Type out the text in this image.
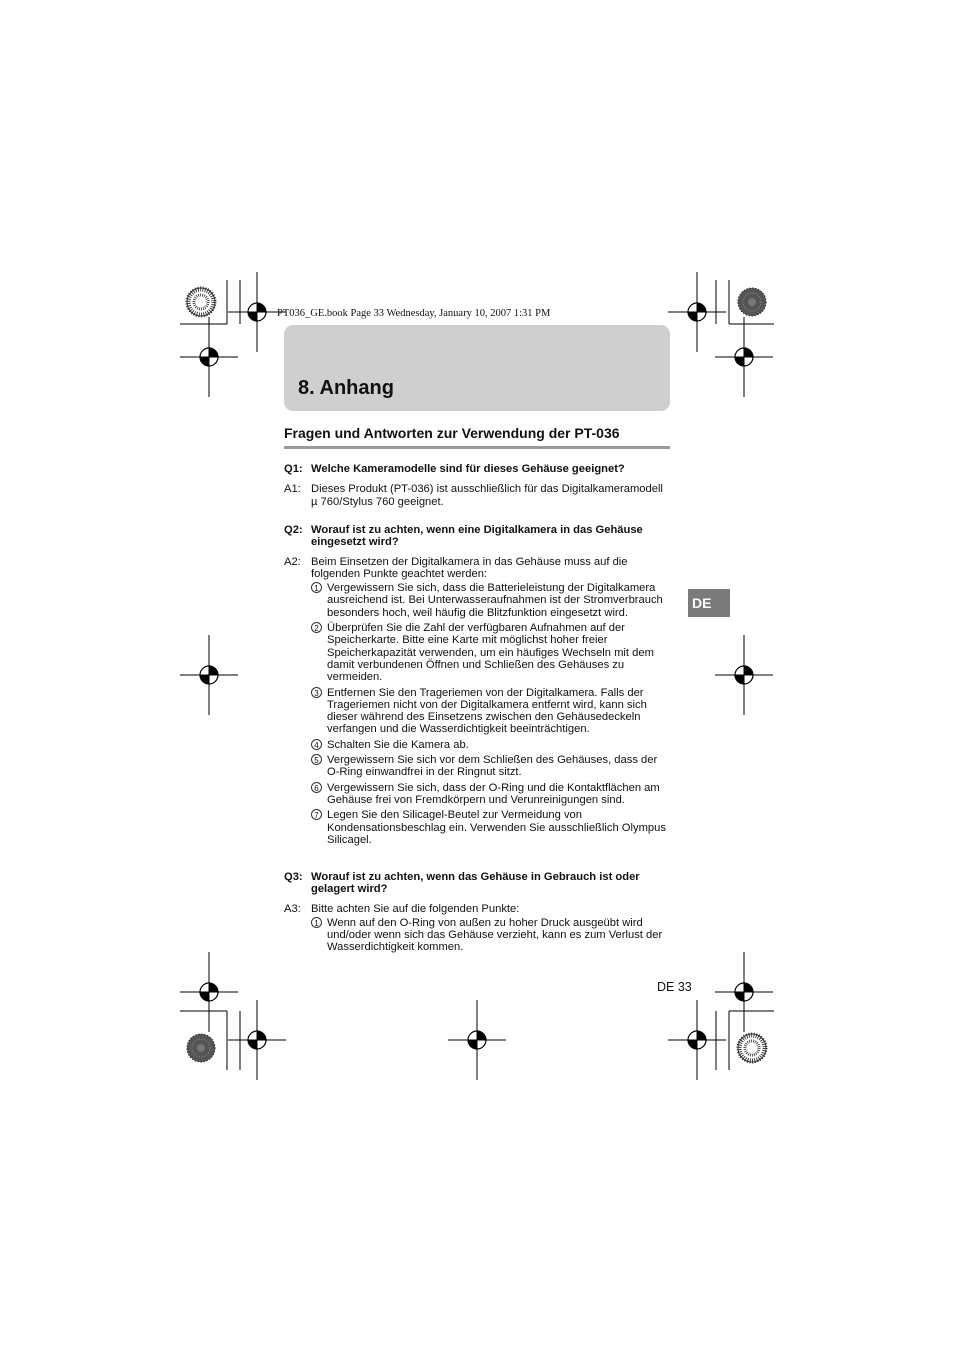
PT036_GE.book Page 33 Wednesday, January 10, 2007 1:31 PM
8. Anhang
Fragen und Antworten zur Verwendung der PT-036
Q1: Welche Kameramodelle sind für dieses Gehäuse geeignet?
A1: Dieses Produkt (PT-036) ist ausschließlich für das Digitalkameramodell µ 760/Stylus 760 geeignet.
Q2: Worauf ist zu achten, wenn eine Digitalkamera in das Gehäuse eingesetzt wird?
A2: Beim Einsetzen der Digitalkamera in das Gehäuse muss auf die folgenden Punkte geachtet werden:
1 Vergewissern Sie sich, dass die Batterieleistung der Digitalkamera ausreichend ist. Bei Unterwasseraufnahmen ist der Stromverbrauch besonders hoch, weil häufig die Blitzfunktion eingesetzt wird.
2 Überprüfen Sie die Zahl der verfügbaren Aufnahmen auf der Speicherkarte. Bitte eine Karte mit möglichst hoher freier Speicherkapazität verwenden, um ein häufiges Wechseln mit dem damit verbundenen Öffnen und Schließen des Gehäuses zu vermeiden.
3 Entfernen Sie den Trageriemen von der Digitalkamera. Falls der Trageriemen nicht von der Digitalkamera entfernt wird, kann sich dieser während des Einsetzens zwischen den Gehäusedeckeln verfangen und die Wasserdichtigkeit beeinträchtigen.
4 Schalten Sie die Kamera ab.
5 Vergewissern Sie sich vor dem Schließen des Gehäuses, dass der O-Ring einwandfrei in der Ringnut sitzt.
6 Vergewissern Sie sich, dass der O-Ring und die Kontaktflächen am Gehäuse frei von Fremdkörpern und Verunreinigungen sind.
7 Legen Sie den Silicagel-Beutel zur Vermeidung von Kondensationsbeschlag ein. Verwenden Sie ausschließlich Olympus Silicagel.
Q3: Worauf ist zu achten, wenn das Gehäuse in Gebrauch ist oder gelagert wird?
A3: Bitte achten Sie auf die folgenden Punkte:
1 Wenn auf den O-Ring von außen zu hoher Druck ausgeübt wird und/oder wenn sich das Gehäuse verzieht, kann es zum Verlust der Wasserdichtigkeit kommen.
DE
DE 33
